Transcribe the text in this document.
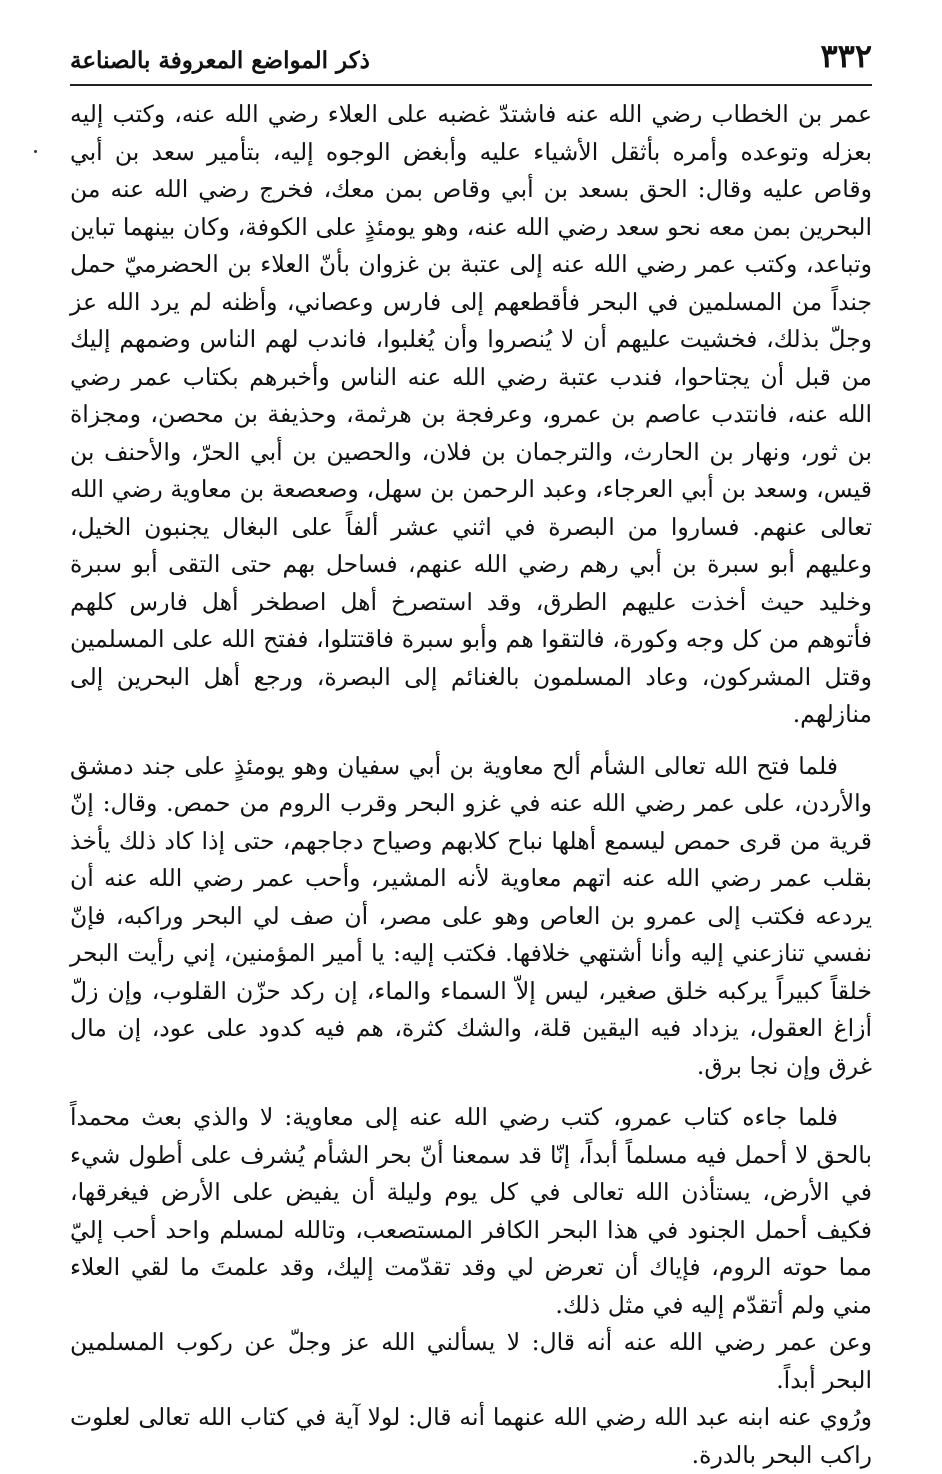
٣٣٢
ذكر المواضع المعروفة بالصناعة

عمر بن الخطاب رضي الله عنه فاشتدّ غضبه على العلاء رضي الله عنه، وكتب إليه بعزله وتوعده وأمره بأثقل الأشياء عليه وأبغض الوجوه إليه، بتأمير سعد بن أبي وقاص عليه وقال: الحق بسعد بن أبي وقاص بمن معك، فخرج رضي الله عنه من البحرين بمن معه نحو سعد رضي الله عنه، وهو يومئذٍ على الكوفة، وكان بينهما تباين وتباعد، وكتب عمر رضي الله عنه إلى عتبة بن غزوان بأنّ العلاء بن الحضرميّ حمل جنداً من المسلمين في البحر فأقطعهم إلى فارس وعصاني، وأظنه لم يرد الله عز وجلّ بذلك، فخشيت عليهم أن لا يُنصروا وأن يُغلبوا، فاندب لهم الناس وضمهم إليك من قبل أن يجتاحوا، فندب عتبة رضي الله عنه الناس وأخبرهم بكتاب عمر رضي الله عنه، فانتدب عاصم بن عمرو، وعرفجة بن هرثمة، وحذيفة بن محصن، ومجزاة بن ثور، ونهار بن الحارث، والترجمان بن فلان، والحصين بن أبي الحرّ، والأحنف بن قيس، وسعد بن أبي العرجاء، وعبد الرحمن بن سهل، وصعصعة بن معاوية رضي الله تعالى عنهم. فساروا من البصرة في اثني عشر ألفاً على البغال يجنبون الخيل، وعليهم أبو سبرة بن أبي رهم رضي الله عنهم، فساحل بهم حتى التقى أبو سبرة وخليد حيث أخذت عليهم الطرق، وقد استصرخ أهل اصطخر أهل فارس كلهم فأتوهم من كل وجه وكورة، فالتقوا هم وأبو سبرة فاقتتلوا، ففتح الله على المسلمين وقتل المشركون، وعاد المسلمون بالغنائم إلى البصرة، ورجع أهل البحرين إلى منازلهم.

فلما فتح الله تعالى الشأم ألح معاوية بن أبي سفيان وهو يومئذٍ على جند دمشق والأردن، على عمر رضي الله عنه في غزو البحر وقرب الروم من حمص. وقال: إنّ قرية من قرى حمص ليسمع أهلها نباح كلابهم وصياح دجاجهم، حتى إذا كاد ذلك يأخذ بقلب عمر رضي الله عنه اتهم معاوية لأنه المشير، وأحب عمر رضي الله عنه أن يردعه فكتب إلى عمرو بن العاص وهو على مصر، أن صف لي البحر وراكبه، فإنّ نفسي تنازعني إليه وأنا أشتهي خلافها. فكتب إليه: يا أمير المؤمنين، إني رأيت البحر خلقاً كبيراً يركبه خلق صغير، ليس إلاّ السماء والماء، إن ركد حزّن القلوب، وإن زلّ أزاغ العقول، يزداد فيه اليقين قلة، والشك كثرة، هم فيه كدود على عود، إن مال غرق وإن نجا برق.

فلما جاءه كتاب عمرو، كتب رضي الله عنه إلى معاوية: لا والذي بعث محمداً بالحق لا أحمل فيه مسلماً أبداً، إنّا قد سمعنا أنّ بحر الشأم يُشرف على أطول شيء في الأرض، يستأذن الله تعالى في كل يوم وليلة أن يفيض على الأرض فيغرقها، فكيف أحمل الجنود في هذا البحر الكافر المستصعب، وتالله لمسلم واحد أحب إليّ مما حوته الروم، فإياك أن تعرض لي وقد تقدّمت إليك، وقد علمتَ ما لقي العلاء مني ولم أتقدّم إليه في مثل ذلك.

وعن عمر رضي الله عنه أنه قال: لا يسألني الله عز وجلّ عن ركوب المسلمين البحر أبداً.

ورُوي عنه ابنه عبد الله رضي الله عنهما أنه قال: لولا آية في كتاب الله تعالى لعلوت راكب البحر بالدرة.
